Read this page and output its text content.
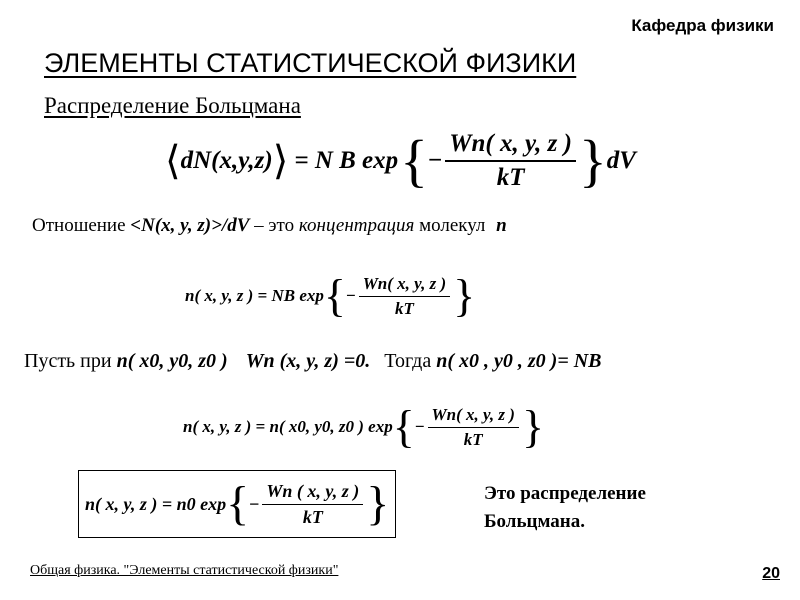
Кафедра физики
ЭЛЕМЕНТЫ СТАТИСТИЧЕСКОЙ ФИЗИКИ
Распределение Больцмана
⟨ dN(x,y,z) ⟩ = N B exp { − $\frac{Wn( x, y, z )}{kT}$ } dV
Отношение <N(x, y, z)>/dV – это концентрация молекул n
n( x, y, z ) = NB exp { − $\frac{Wn( x, y, z )}{kT}$ }
Пусть при n( x0, y0, z0 ) Wn (x, y, z) =0. Тогда n( x0 , y0 , z0 )= NB
n( x, y, z ) = n( x0, y0, z0 ) exp { − $\frac{Wn( x, y, z )}{kT}$ }
n( x, y, z ) = n0 exp { − $\frac{Wn ( x, y, z )}{kT}$ }	Это распределение
Больцмана.
Общая физика. "Элементы статистической физики"	20
